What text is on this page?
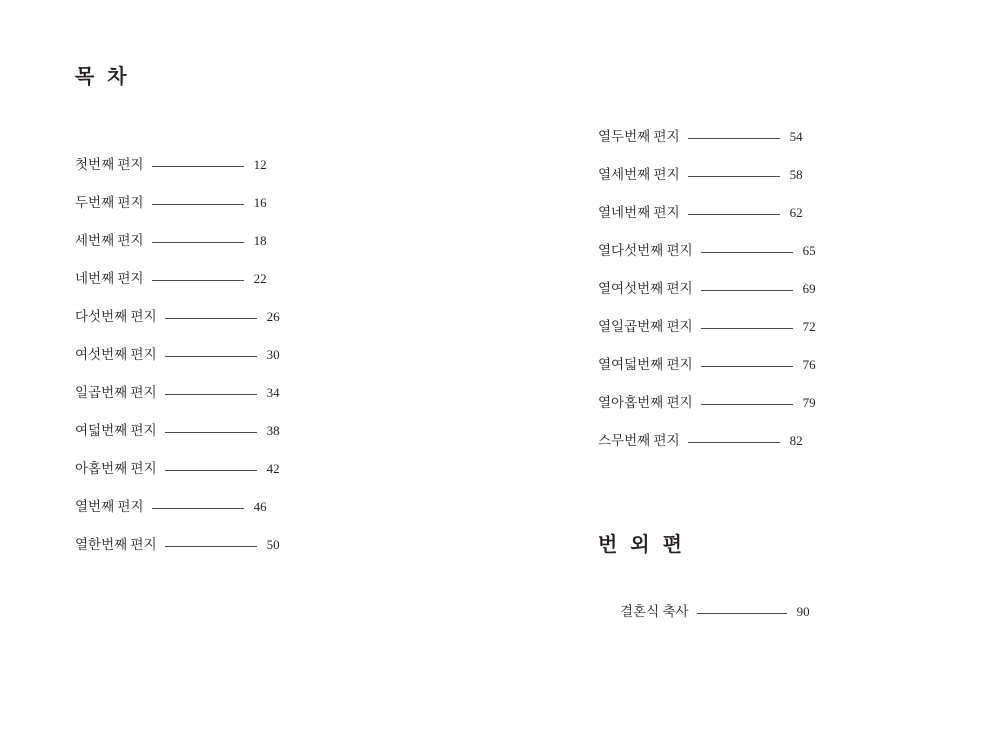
목 차
첫번째 편지	12
두번째 편지	16
세번째 편지	18
네번째 편지	22
다섯번째 편지	26
여섯번째 편지	30
일곱번째 편지	34
여덟번째 편지	38
아홉번째 편지	42
열번째 편지	46
열한번째 편지	50
열두번째 편지	54
열세번째 편지	58
열네번째 편지	62
열다섯번째 편지	65
열여섯번째 편지	69
열일곱번째 편지	72
열여덟번째 편지	76
열아홉번째 편지	79
스무번째 편지	82
번 외 편
결혼식 축사	90
